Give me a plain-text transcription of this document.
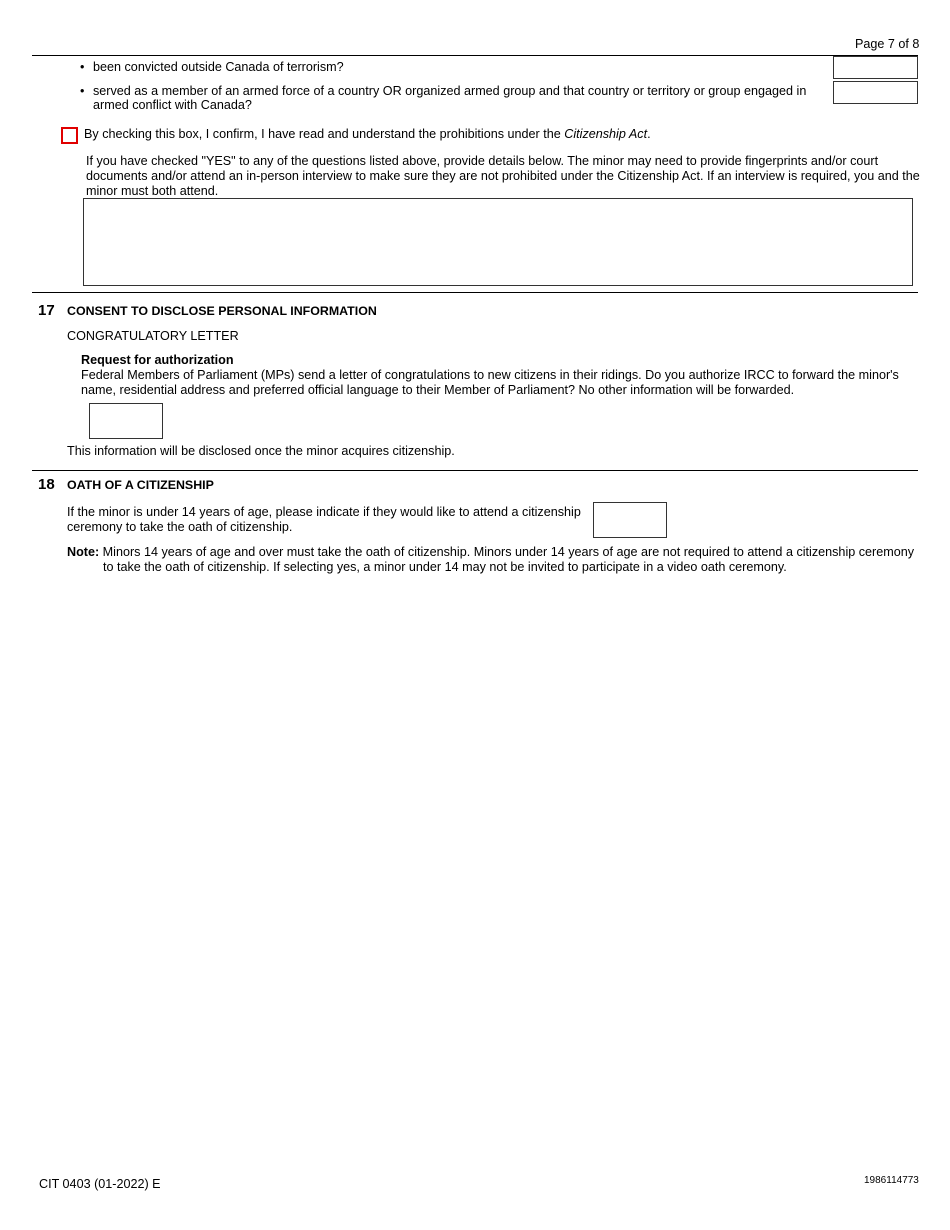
Page 7 of 8
• been convicted outside Canada of terrorism?
• served as a member of an armed force of a country OR organized armed group and that country or territory or group engaged in
armed conflict with Canada?
By checking this box, I confirm, I have read and understand the prohibitions under the Citizenship Act.
If you have checked "YES" to any of the questions listed above, provide details below. The minor may need to provide fingerprints and/or court
documents and/or attend an in-person interview to make sure they are not prohibited under the Citizenship Act. If an interview is required, you and the
minor must both attend.
17 CONSENT TO DISCLOSE PERSONAL INFORMATION
CONGRATULATORY LETTER
Request for authorization
Federal Members of Parliament (MPs) send a letter of congratulations to new citizens in their ridings. Do you authorize IRCC to forward the minor's
name, residential address and preferred official language to their Member of Parliament? No other information will be forwarded.
This information will be disclosed once the minor acquires citizenship.
18 OATH OF A CITIZENSHIP
If the minor is under 14 years of age, please indicate if they would like to attend a citizenship
ceremony to take the oath of citizenship.
Note: Minors 14 years of age and over must take the oath of citizenship. Minors under 14 years of age are not required to attend a citizenship ceremony
to take the oath of citizenship. If selecting yes, a minor under 14 may not be invited to participate in a video oath ceremony.
CIT 0403 (01-2022) E	1986114773
